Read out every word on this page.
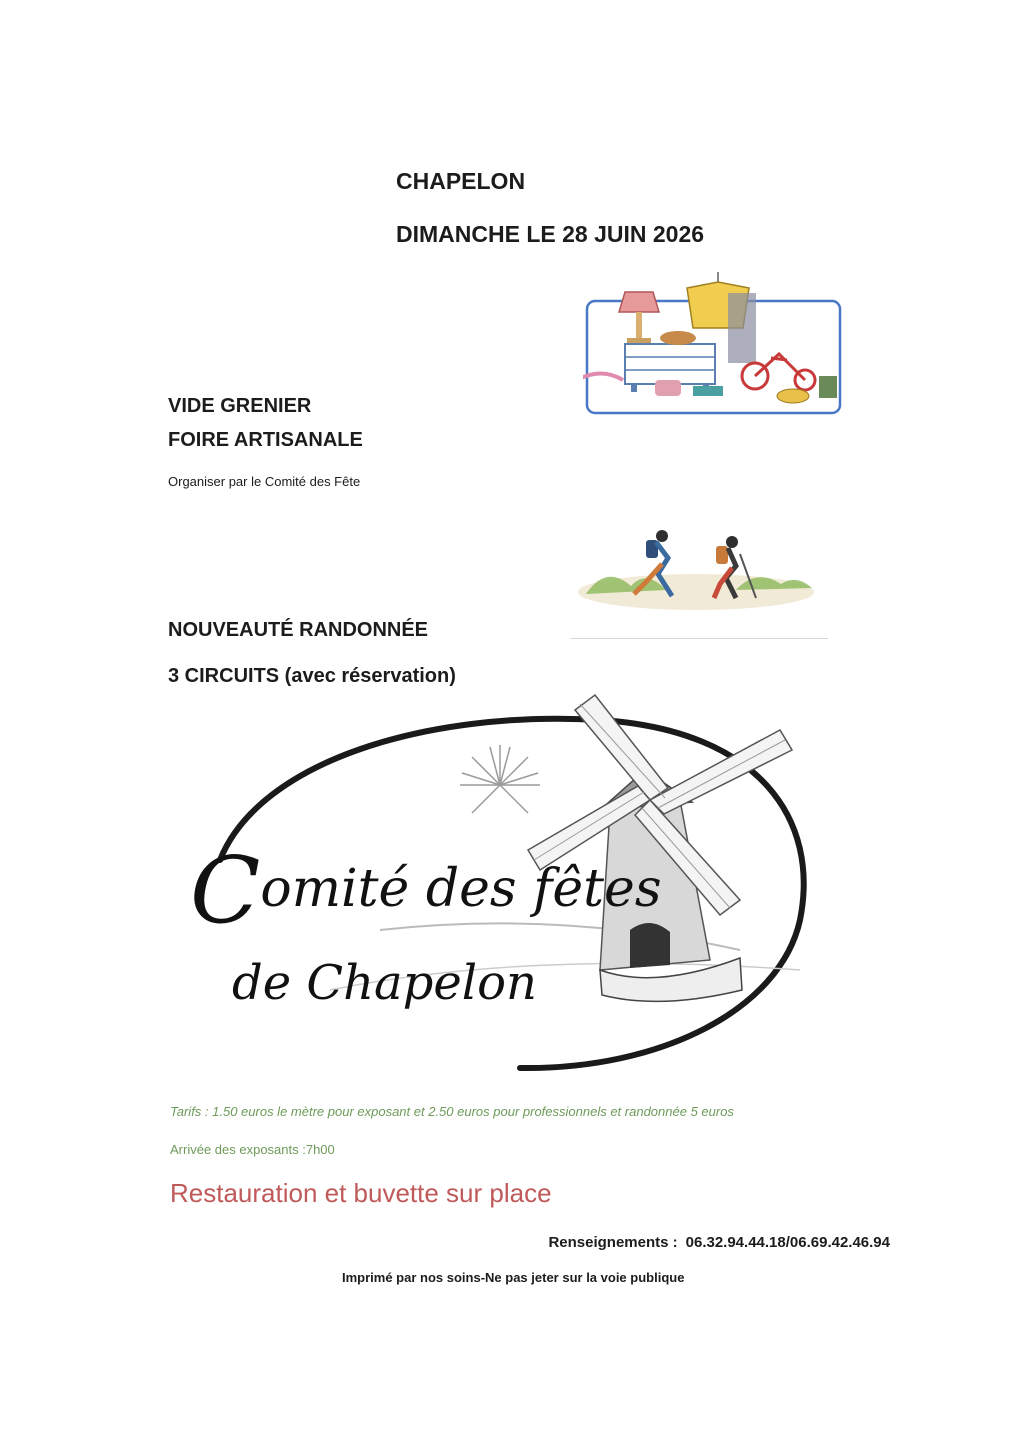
CHAPELON

DIMANCHE LE 28 JUIN 2026

VIDE GRENIER

FOIRE ARTISANALE

Organiser par le Comité des Fête

NOUVEAUTÉ RANDONNÉE

3 CIRCUITS (avec réservation)

Comité des fêtes

de Chapelon

Tarifs : 1.50 euros le mètre pour exposant et 2.50 euros pour professionnels et randonnée 5 euros

Arrivée des exposants :7h00

Restauration et buvette sur place

Renseignements : 06.32.94.44.18/06.69.42.46.94

Imprimé par nos soins-Ne pas jeter sur la voie publique
